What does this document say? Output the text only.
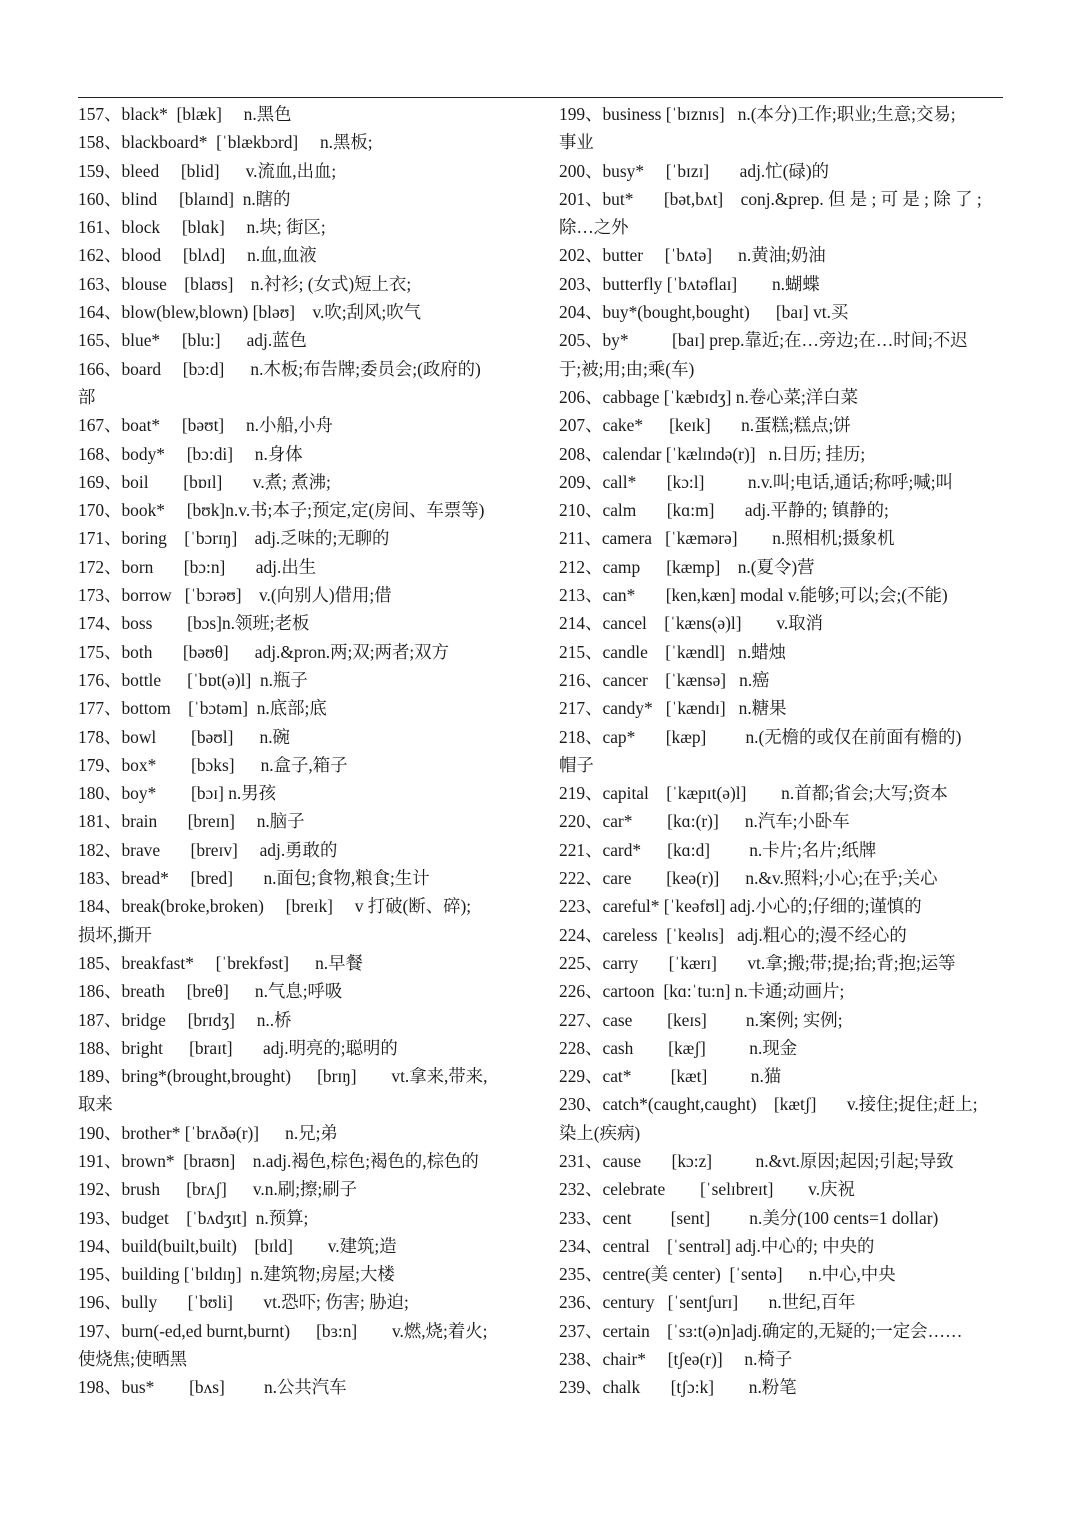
157、black*  [blæk]     n.黑色
158、blackboard*  [ˈblækbɔrd]     n.黑板;
159、bleed     [blid]      v.流血,出血;
160、blind     [blaɪnd]  n.瞎的
161、block     [blɑk]     n.块; 街区;
162、blood     [blʌd]     n.血,血液
163、blouse    [blaʊs]    n.衬衫; (女式)短上衣;
164、blow(blew,blown) [bləʊ]    v.吹;刮风;吹气
165、blue*     [blu:]      adj.蓝色
166、board     [bɔ:d]      n.木板;布告牌;委员会;(政府的)
部
167、boat*     [bəʊt]     n.小船,小舟
168、body*     [bɔ:di]     n.身体
169、boil        [bɒɪl]       v.煮; 煮沸;
170、book*     [bʊk]n.v.书;本子;预定,定(房间、车票等)
171、boring    [ˈbɔrɪŋ]    adj.乏味的;无聊的
172、born       [bɔ:n]       adj.出生
173、borrow   [ˈbɔrəʊ]    v.(向别人)借用;借
174、boss        [bɔs]n.领班;老板
175、both       [bəʊθ]      adj.&pron.两;双;两者;双方
176、bottle      [ˈbɒt(ə)l]  n.瓶子
177、bottom    [ˈbɔtəm]  n.底部;底
178、bowl        [bəʊl]      n.碗
179、box*        [bɔks]      n.盒子,箱子
180、boy*        [bɔɪ] n.男孩
181、brain       [breɪn]     n.脑子
182、brave       [breɪv]     adj.勇敢的
183、bread*     [bred]       n.面包;食物,粮食;生计
184、break(broke,broken)     [breɪk]     v 打破(断、碎);
损坏,撕开
185、breakfast*     [ˈbrekfəst]      n.早餐
186、breath     [breθ]      n.气息;呼吸
187、bridge     [brɪdʒ]     n..桥
188、bright      [braɪt]       adj.明亮的;聪明的
189、bring*(brought,brought)      [brɪŋ]        vt.拿来,带来,
取来
190、brother* [ˈbrʌðə(r)]      n.兄;弟
191、brown*  [braʊn]    n.adj.褐色,棕色;褐色的,棕色的
192、brush      [brʌʃ]      v.n.刷;擦;刷子
193、budget    [ˈbʌdʒɪt]  n.预算;
194、build(built,built)    [bɪld]        v.建筑;造
195、building [ˈbɪldɪŋ]  n.建筑物;房屋;大楼
196、bully       [ˈbʊli]       vt.恐吓; 伤害; 胁迫;
197、burn(-ed,ed burnt,burnt)      [bɜ:n]        v.燃,烧;着火;
使烧焦;使晒黑
198、bus*        [bʌs]         n.公共汽车
199、business [ˈbɪznɪs]   n.(本分)工作;职业;生意;交易;
事业
200、busy*     [ˈbɪzɪ]       adj.忙(碌)的
201、but*       [bət,bʌt]    conj.&prep. 但 是 ; 可 是 ; 除 了 ;
除…之外
202、butter     [ˈbʌtə]      n.黄油;奶油
203、butterfly [ˈbʌtəflaɪ]        n.蝴蝶
204、buy*(bought,bought)      [baɪ] vt.买
205、by*          [baɪ] prep.靠近;在…旁边;在…时间;不迟
于;被;用;由;乘(车)
206、cabbage [ˈkæbɪdʒ] n.卷心菜;洋白菜
207、cake*      [keɪk]       n.蛋糕;糕点;饼
208、calendar [ˈkælɪndə(r)]   n.日历; 挂历;
209、call*       [kɔ:l]          n.v.叫;电话,通话;称呼;喊;叫
210、calm       [kɑ:m]       adj.平静的; 镇静的;
211、camera   [ˈkæmərə]        n.照相机;摄象机
212、camp      [kæmp]    n.(夏令)营
213、can*       [ken,kæn] modal v.能够;可以;会;(不能)
214、cancel    [ˈkæns(ə)l]        v.取消
215、candle    [ˈkændl]   n.蜡烛
216、cancer    [ˈkænsə]   n.癌
217、candy*   [ˈkændɪ]   n.糖果
218、cap*       [kæp]         n.(无檐的或仅在前面有檐的)
帽子
219、capital    [ˈkæpɪt(ə)l]        n.首都;省会;大写;资本
220、car*        [kɑ:(r)]      n.汽车;小卧车
221、card*      [kɑ:d]         n.卡片;名片;纸牌
222、care        [keə(r)]      n.&v.照料;小心;在乎;关心
223、careful* [ˈkeəfʊl] adj.小心的;仔细的;谨慎的
224、careless  [ˈkeəlɪs]   adj.粗心的;漫不经心的
225、carry       [ˈkærɪ]       vt.拿;搬;带;提;抬;背;抱;运等
226、cartoon  [kɑ:ˈtu:n] n.卡通;动画片;
227、case        [keɪs]         n.案例; 实例;
228、cash        [kæʃ]          n.现金
229、cat*         [kæt]          n.猫
230、catch*(caught,caught)    [kætʃ]       v.接住;捉住;赶上;
染上(疾病)
231、cause       [kɔ:z]          n.&vt.原因;起因;引起;导致
232、celebrate        [ˈselɪbreɪt]        v.庆祝
233、cent         [sent]         n.美分(100 cents=1 dollar)
234、central    [ˈsentrəl] adj.中心的; 中央的
235、centre(美 center)  [ˈsentə]      n.中心,中央
236、century   [ˈsentʃurɪ]       n.世纪,百年
237、certain    [ˈsɜ:t(ə)n]adj.确定的,无疑的;一定会……
238、chair*     [tʃeə(r)]     n.椅子
239、chalk       [tʃɔ:k]        n.粉笔
